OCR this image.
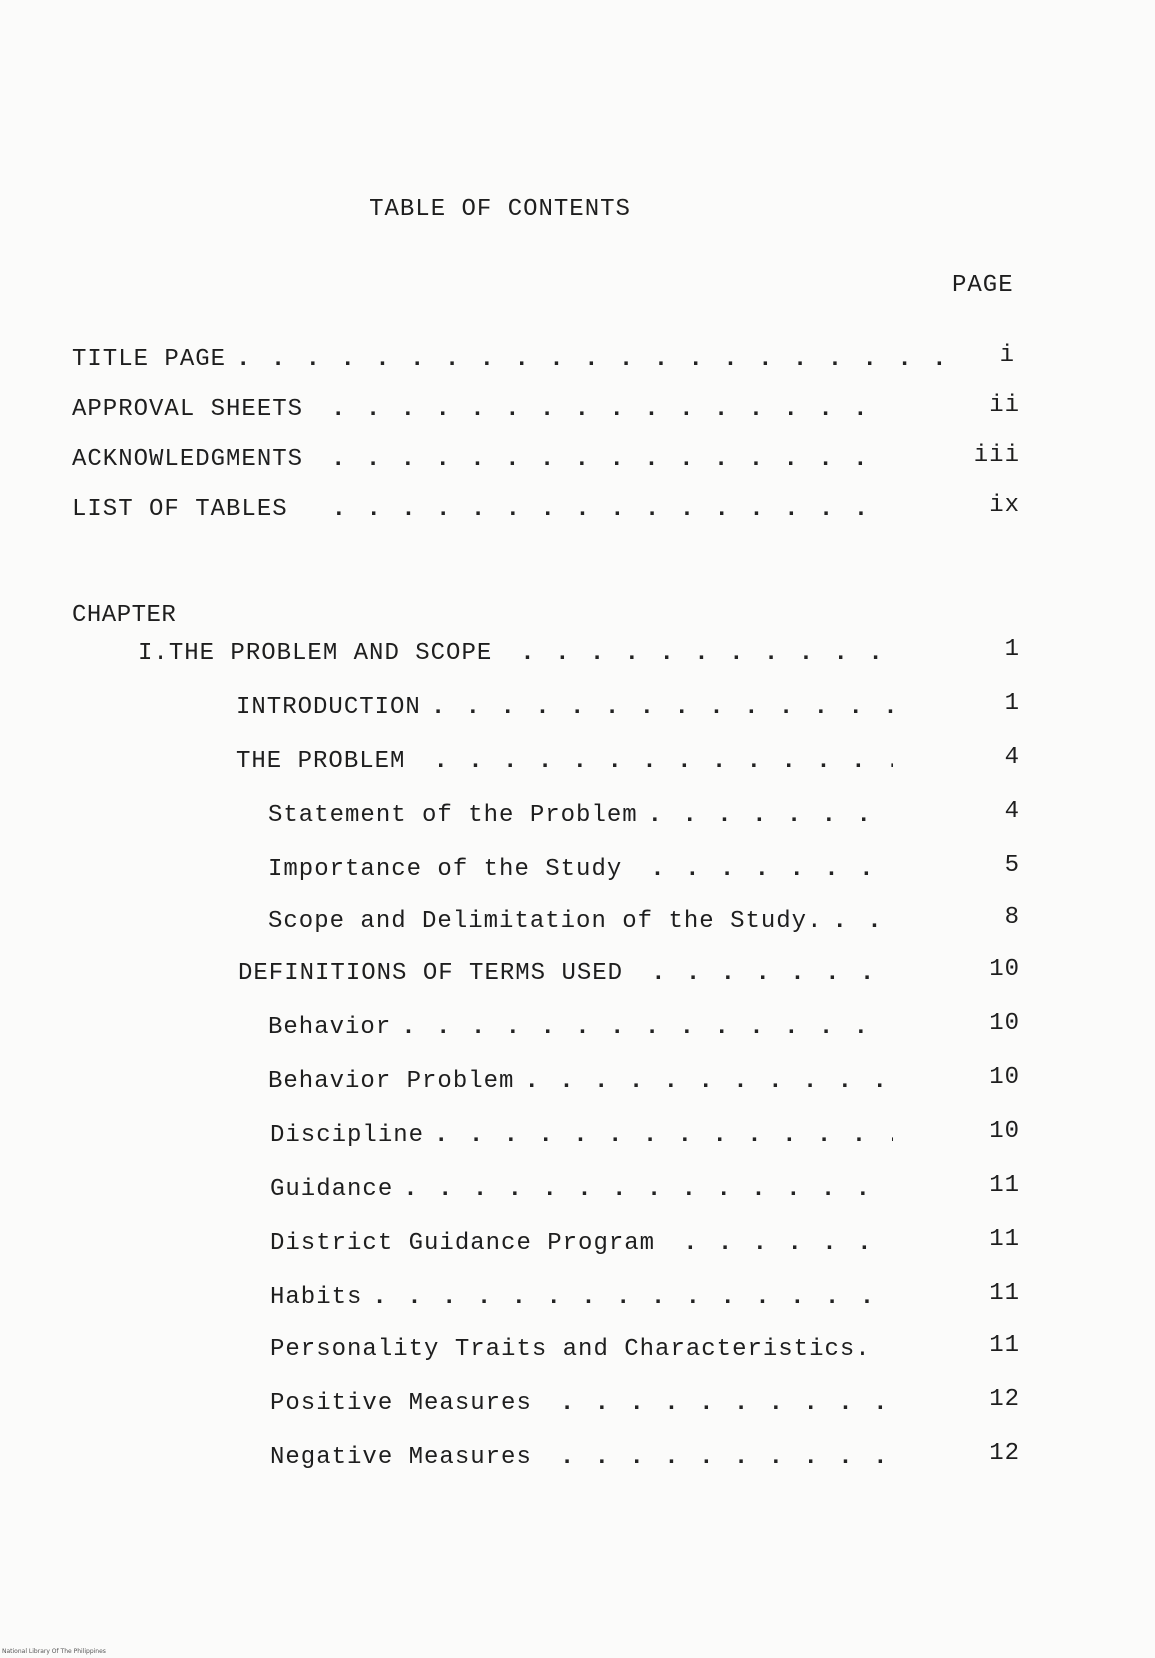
TABLE OF CONTENTS
PAGE
TITLE PAGE . . .	i
APPROVAL SHEETS . . .	ii
ACKNOWLEDGMENTS . . .	iii
LIST OF TABLES . . .	ix
CHAPTER
I. THE PROBLEM AND SCOPE . . .	1
INTRODUCTION . . .	1
THE PROBLEM . . .	4
Statement of the Problem . . .	4
Importance of the Study . . .	5
Scope and Delimitation of the Study. . . .	8
DEFINITIONS OF TERMS USED . . .	10
Behavior . . .	10
Behavior Problem . . .	10
Discipline . . .	10
Guidance . . .	11
District Guidance Program . . .	11
Habits . . .	11
Personality Traits and Characteristics.	11
Positive Measures . . .	12
Negative Measures . . .	12
National Library Of The Philippines
